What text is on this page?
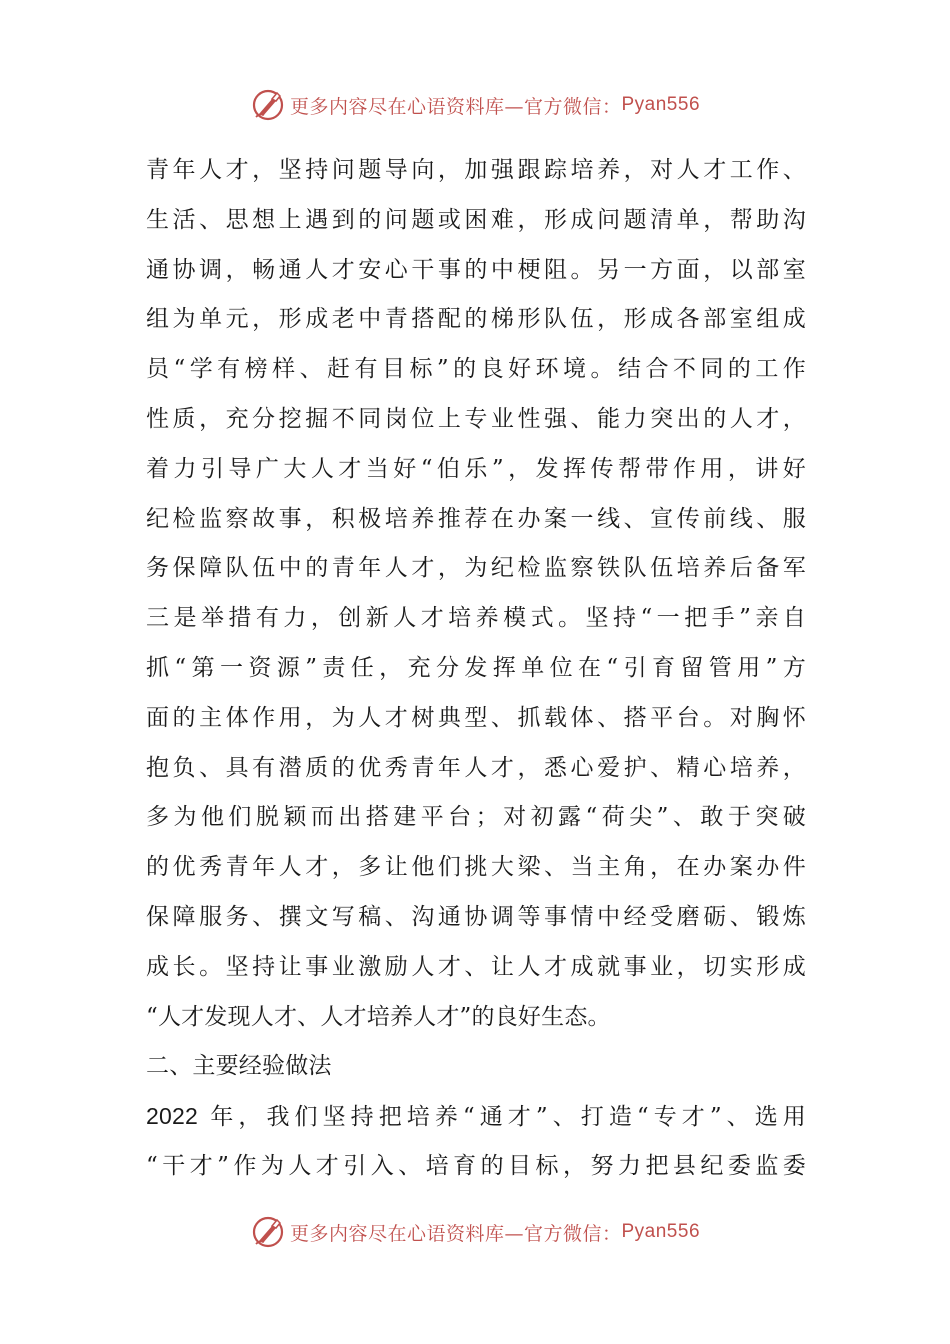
更多内容尽在心语资料库—官方微信： Pyan556
青年人才，坚持问题导向，加强跟踪培养，对人才工作、
生活、思想上遇到的问题或困难，形成问题清单，帮助沟
通协调，畅通人才安心干事的中梗阻。另一方面，以部室
组为单元，形成老中青搭配的梯形队伍，形成各部室组成
员“学有榜样、赶有目标”的良好环境。结合不同的工作
性质，充分挖掘不同岗位上专业性强、能力突出的人才，
着力引导广大人才当好“伯乐”，发挥传帮带作用，讲好
纪检监察故事，积极培养推荐在办案一线、宣传前线、服
务保障队伍中的青年人才，为纪检监察铁队伍培养后备军
三是举措有力，创新人才培养模式。坚持“一把手”亲自
抓“第一资源”责任，充分发挥单位在“引育留管用”方
面的主体作用，为人才树典型、抓载体、搭平台。对胸怀
抱负、具有潜质的优秀青年人才，悉心爱护、精心培养，
多为他们脱颖而出搭建平台；对初露“荷尖”、敢于突破
的优秀青年人才，多让他们挑大梁、当主角，在办案办件
保障服务、撰文写稿、沟通协调等事情中经受磨砺、锻炼
成长。坚持让事业激励人才、让人才成就事业，切实形成
“人才发现人才、人才培养人才”的良好生态。
二、主要经验做法
2022 年，我们坚持把培养“通才”、打造“专才”、选用
“干才”作为人才引入、培育的目标，努力把县纪委监委
更多内容尽在心语资料库—官方微信： Pyan556
